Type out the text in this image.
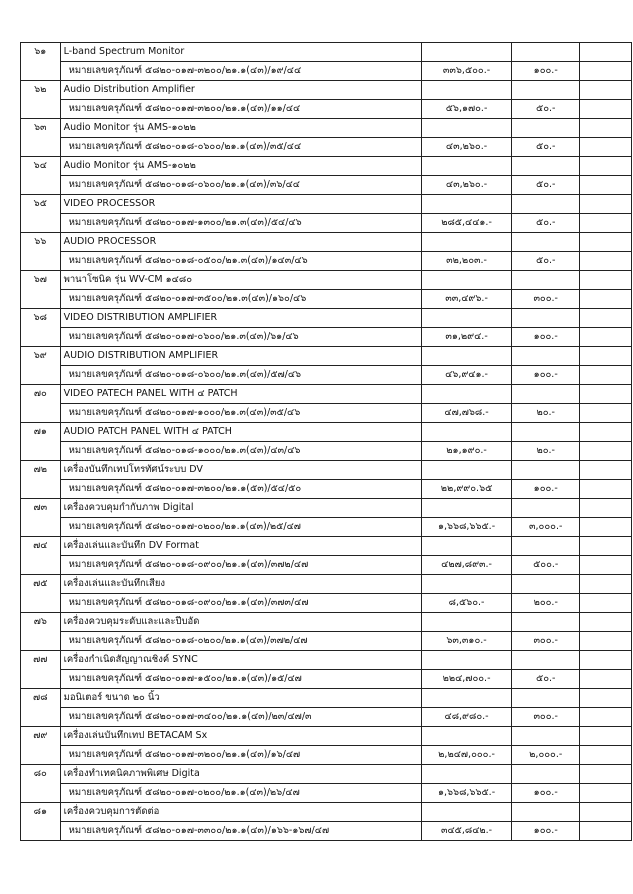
๖๑	L-band Spectrum Monitor			
	หมายเลขครุภัณฑ์ ๕๘๒๐-๐๑๗-๓๒๐๐/๒๑.๑(๔๓)/๑๙/๔๔	๓๓๖,๕๐๐.-	๑๐๐.-	
๖๒	Audio Distribution Amplifier			
	หมายเลขครุภัณฑ์ ๕๘๒๐-๐๑๗-๓๒๐๐/๒๑.๑(๔๓)/๑๑/๔๔	๕๖,๑๗๐.-	๕๐.-	
๖๓	Audio Monitor รุ่น AMS-๑๐๒๒			
	หมายเลขครุภัณฑ์ ๕๘๒๐-๐๑๘-๐๖๐๐/๒๑.๑(๔๓)/๓๕/๔๔	๔๓,๒๖๐.-	๕๐.-	
๖๔	Audio Monitor รุ่น AMS-๑๐๒๒			
	หมายเลขครุภัณฑ์ ๕๘๒๐-๐๑๘-๐๖๐๐/๒๑.๑(๔๓)/๓๖/๔๔	๔๓,๒๖๐.-	๕๐.-	
๖๕	VIDEO PROCESSOR			
	หมายเลขครุภัณฑ์ ๕๘๒๐-๐๑๗-๑๓๐๐/๒๑.๓(๔๓)/๕๔/๔๖	๒๘๕,๔๔๑.-	๕๐.-	
๖๖	AUDIO PROCESSOR			
	หมายเลขครุภัณฑ์ ๕๘๒๐-๐๑๘-๐๕๐๐/๒๑.๓(๔๓)/๑๔๓/๔๖	๓๒,๒๐๓.-	๕๐.-	
๖๗	พานาโซนิค รุ่น WV-CM ๑๔๘๐			
	หมายเลขครุภัณฑ์ ๕๘๒๐-๐๑๗-๓๕๐๐/๒๑.๓(๔๓)/๑๖๐/๔๖	๓๓,๔๙๖.-	๓๐๐.-	
๖๘	VIDEO DISTRIBUTION AMPLIFIER			
	หมายเลขครุภัณฑ์ ๕๘๒๐-๐๑๗-๐๖๐๐/๒๑.๓(๔๓)/๖๑/๔๖	๓๑,๒๙๔.-	๑๐๐.-	
๖๙	AUDIO DISTRIBUTION AMPLIFIER			
	หมายเลขครุภัณฑ์ ๕๘๒๐-๐๑๘-๐๖๐๐/๒๑.๓(๔๓)/๕๗/๔๖	๔๖,๙๔๑.-	๑๐๐.-	
๗๐	VIDEO PATECH PANEL WITH ๔ PATCH			
	หมายเลขครุภัณฑ์ ๕๘๒๐-๐๑๗-๑๐๐๐/๒๑.๓(๔๓)/๓๕/๔๖	๔๗,๗๖๘.-	๒๐.-	
๗๑	AUDIO PATCH PANEL WITH ๔ PATCH			
	หมายเลขครุภัณฑ์ ๕๘๒๐-๐๑๘-๑๐๐๐/๒๑.๓(๔๓)/๔๓/๔๖	๒๑,๑๙๐.-	๒๐.-	
๗๒	เครื่องบันทึกเทปโทรทัศน์ระบบ DV			
	หมายเลขครุภัณฑ์ ๕๘๒๐-๐๑๗-๓๒๐๐/๒๑.๑(๕๓)/๕๔/๕๐	๒๒,๙๙๐.๖๕	๑๐๐.-	
๗๓	เครื่องควบคุมกำกับภาพ Digital			
	หมายเลขครุภัณฑ์ ๕๘๒๐-๐๑๗-๐๒๐๐/๒๑.๑(๔๓)/๒๕/๔๗	๑,๖๖๘,๖๖๕.-	๓,๐๐๐.-	
๗๔	เครื่องเล่นและบันทึก DV Format			
	หมายเลขครุภัณฑ์ ๕๘๒๐-๐๑๘-๐๙๐๐/๒๑.๑(๔๓)/๓๗๒/๔๗	๔๒๗,๘๙๓.-	๕๐๐.-	
๗๕	เครื่องเล่นและบันทึกเสียง			
	หมายเลขครุภัณฑ์ ๕๘๒๐-๐๑๘-๐๙๐๐/๒๑.๑(๔๓)/๓๗๓/๔๗	๘,๕๖๐.-	๒๐๐.-	
๗๖	เครื่องควบคุมระดับและและปีบอัด			
	หมายเลขครุภัณฑ์ ๕๘๒๐-๐๑๘-๐๒๐๐/๒๑.๑(๔๓)/๓๗๒/๔๗	๖๓,๓๑๐.-	๓๐๐.-	
๗๗	เครื่องกำเนิดสัญญาณชิงค์ SYNC			
	หมายเลขครุภัณฑ์ ๕๘๒๐-๐๑๗-๑๕๐๐/๒๑.๑(๔๓)/๑๕/๔๗	๒๒๔,๗๐๐.-	๕๐.-	
๗๘	มอนิเตอร์ ขนาด ๒๐ นิ้ว			
	หมายเลขครุภัณฑ์ ๕๘๒๐-๐๑๗-๓๔๐๐/๒๑.๑(๔๓)/๒๓/๔๗/๓	๔๘,๙๘๐.-	๓๐๐.-	
๗๙	เครื่องเล่นบันทึกเทป BETACAM Sx			
	หมายเลขครุภัณฑ์ ๕๘๒๐-๐๑๗-๓๒๐๐/๒๑.๑(๔๓)/๑๖/๔๗	๒,๒๔๗,๐๐๐.-	๒,๐๐๐.-	
๘๐	เครื่องทำเทคนิคภาพพิเศษ Digita			
	หมายเลขครุภัณฑ์ ๕๘๒๐-๐๑๗-๐๒๐๐/๒๑.๑(๔๓)/๒๖/๔๗	๑,๖๖๘,๖๖๕.-	๑๐๐.-	
๘๑	เครื่องควบคุมการตัดต่อ			
	หมายเลขครุภัณฑ์ ๕๘๒๐-๐๑๗-๓๓๐๐/๒๑.๑(๔๓)/๑๖๖-๑๖๗/๔๗	๓๔๕,๘๔๒.-	๑๐๐.-	
